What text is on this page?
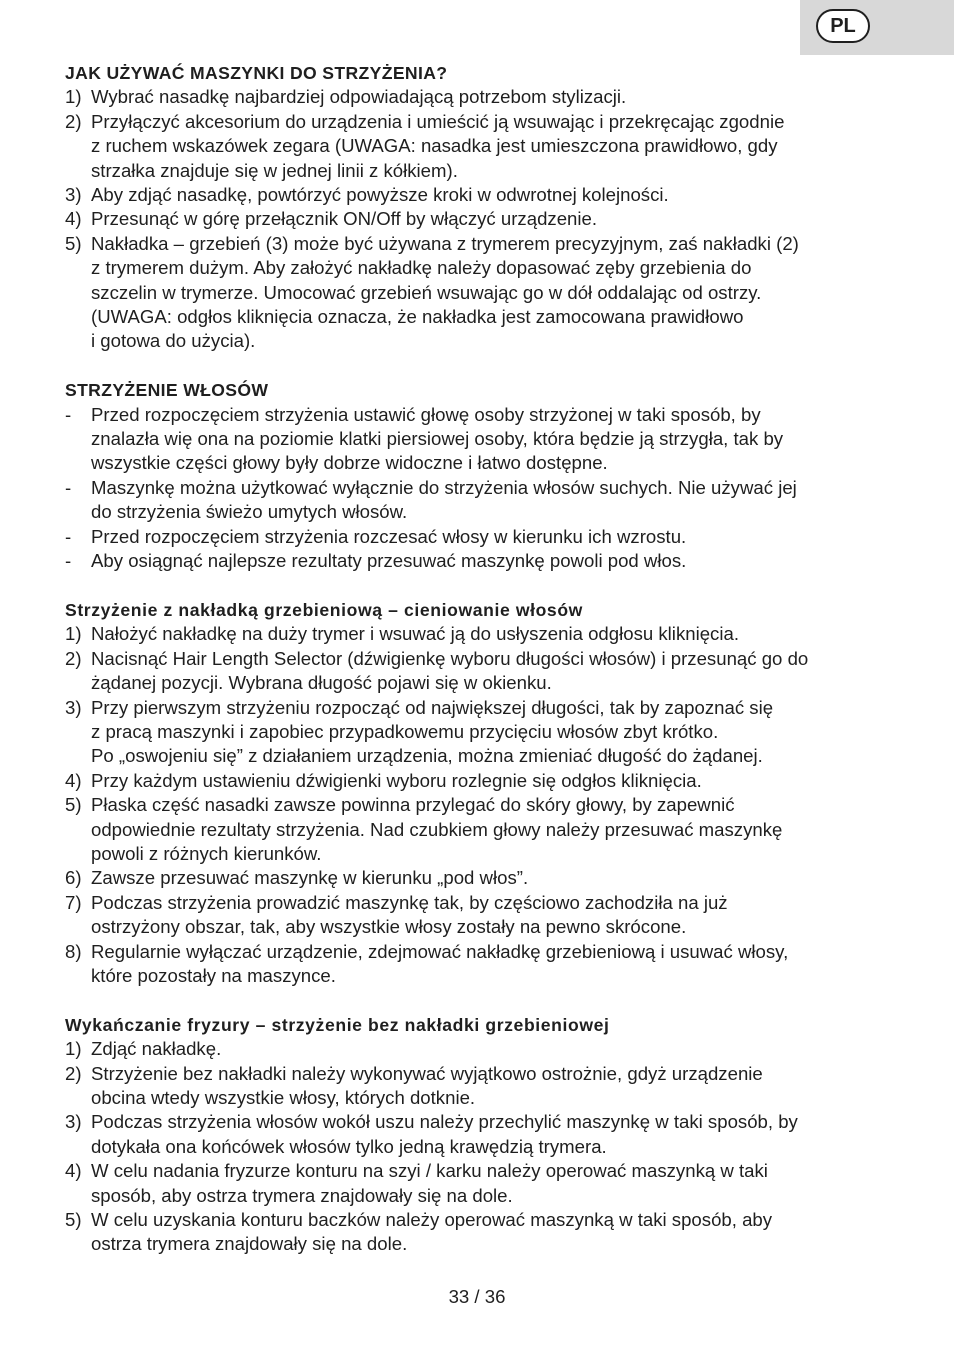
PL
JAK UŻYWAĆ MASZYNKI DO STRZYŻENIA?
1) Wybrać nasadkę najbardziej odpowiadającą potrzebom stylizacji.
2) Przyłączyć akcesorium do urządzenia i umieścić ją wsuwając i przekręcając zgodnie
z ruchem wskazówek zegara (UWAGA: nasadka jest umieszczona prawidłowo, gdy
strzałka znajduje się w jednej linii z kółkiem).
3) Aby zdjąć nasadkę, powtórzyć powyższe kroki w odwrotnej kolejności.
4) Przesunąć w górę przełącznik ON/Off by włączyć urządzenie.
5) Nakładka – grzebień (3) może być używana z trymerem precyzyjnym, zaś nakładki (2)
z trymerem dużym. Aby założyć nakładkę należy dopasować zęby grzebienia do
szczelin w trymerze. Umocować grzebień wsuwając go w dół oddalając od ostrzy.
(UWAGA: odgłos kliknięcia oznacza, że nakładka jest zamocowana prawidłowo
i gotowa do użycia).
STRZYŻENIE WŁOSÓW
-	Przed rozpoczęciem strzyżenia ustawić głowę osoby strzyżonej w taki sposób, by
znalazła wię ona na poziomie klatki piersiowej osoby, która będzie ją strzygła, tak by
wszystkie części głowy były dobrze widoczne i łatwo dostępne.
-	Maszynkę można użytkować wyłącznie do strzyżenia włosów suchych. Nie używać jej
do strzyżenia świeżo umytych włosów.
-	Przed rozpoczęciem strzyżenia rozczesać włosy w kierunku ich wzrostu.
-	Aby osiągnąć najlepsze rezultaty przesuwać maszynkę powoli pod włos.
Strzyżenie z nakładką grzebieniową – cieniowanie włosów
1) Nałożyć nakładkę na duży trymer i wsuwać ją do usłyszenia odgłosu kliknięcia.
2) Nacisnąć Hair Length Selector (dźwigienkę wyboru długości włosów) i przesunąć go do
żądanej pozycji. Wybrana długość pojawi się w okienku.
3) Przy pierwszym strzyżeniu rozpocząć od największej długości, tak by zapoznać się
z pracą maszynki i zapobiec przypadkowemu przycięciu włosów zbyt krótko.
Po „oswojeniu się” z działaniem urządzenia, można zmieniać długość do żądanej.
4) Przy każdym ustawieniu dźwigienki wyboru rozlegnie się odgłos kliknięcia.
5) Płaska część nasadki zawsze powinna przylegać do skóry głowy, by zapewnić
odpowiednie rezultaty strzyżenia. Nad czubkiem głowy należy przesuwać maszynkę
powoli z różnych kierunków.
6) Zawsze przesuwać maszynkę w kierunku „pod włos”.
7) Podczas strzyżenia prowadzić maszynkę tak, by częściowo zachodziła na już
ostrzyżony obszar, tak, aby wszystkie włosy zostały na pewno skrócone.
8) Regularnie wyłączać urządzenie, zdejmować nakładkę grzebieniową i usuwać włosy,
które pozostały na maszynce.
Wykańczanie fryzury – strzyżenie bez nakładki grzebieniowej
1) Zdjąć nakładkę.
2) Strzyżenie bez nakładki należy wykonywać wyjątkowo ostrożnie, gdyż urządzenie
obcina wtedy wszystkie włosy, których dotknie.
3) Podczas strzyżenia włosów wokół uszu należy przechylić maszynkę w taki sposób, by
dotykała ona końcówek włosów tylko jedną krawędzią trymera.
4) W celu nadania fryzurze konturu na szyi / karku należy operować maszynką w taki
sposób, aby ostrza trymera znajdowały się na dole.
5) W celu uzyskania konturu baczków należy operować maszynką w taki sposób, aby
ostrza trymera znajdowały się na dole.
33 / 36
